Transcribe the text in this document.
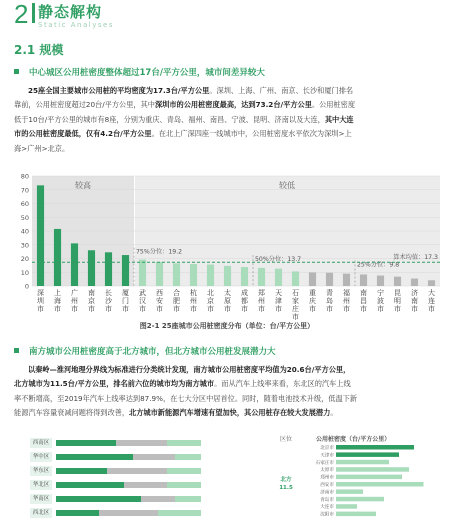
2 静态解构
Static Analyses
2.1 规模
中心城区公用桩密度整体超过17台/平方公里，城市间差异较大
25座全国主要城市公用桩的平均密度为17.3台/平方公里。深圳、上海、广州、南京、长沙和厦门排名
靠前，公用桩密度超过20台/平方公里，其中深圳市的公用桩密度最高，达到73.2台/平方公里。公用桩密度
低于10台/平方公里的城市有8座，分别为重庆、青岛、福州、南昌、宁波、昆明、济南以及大连，其中大连
市的公用桩密度最低，仅有4.2台/平方公里。在北上广深四座一线城市中，公用桩密度水平依次为深圳>上
海>广州>北京。
较高	较低
0
10
20
30
40
50
60
70
80
深圳市
上海市
广州市
南京市
长沙市
厦门市
武汉市
西安市
合肥市
杭州市
北京市
太原市
成都市
郑州市
天津市
石家庄市
重庆市
青岛市
福州市
南昌市
宁波市
昆明市
济南市
大连市
75%分位：19.2
50%分位：13.7
25%分位：9.8
算术均值：17.3
图2-1 25座城市公用桩密度分布（单位：台/平方公里）
南方城市公用桩密度高于北方城市，但北方城市公用桩发展潜力大
以秦岭—淮河地理分界线为标准进行分类统计发现，南方城市公用桩密度平均值为20.6台/平方公里，
北方城市为11.5台/平方公里，排名前六位的城市均为南方城市。而从汽车上线率来看，东北区的汽车上线
率不断增高，至2019年汽车上线率达到87.9%，在七大分区中居首位。同时，随着电池技术升级，低温下新
能源汽车容量衰减问题将得到改善，北方城市新能源汽车增速有望加快，其公用桩存在较大发展潜力。
西南区
华中区
华东区
华北区
华南区
西北区
区位	公用桩密度（台/平方公里）
北方
11.5
北京市
天津市
石家庄市
太原市
郑州市
西安市
济南市
青岛市
大连市
沈阳市
